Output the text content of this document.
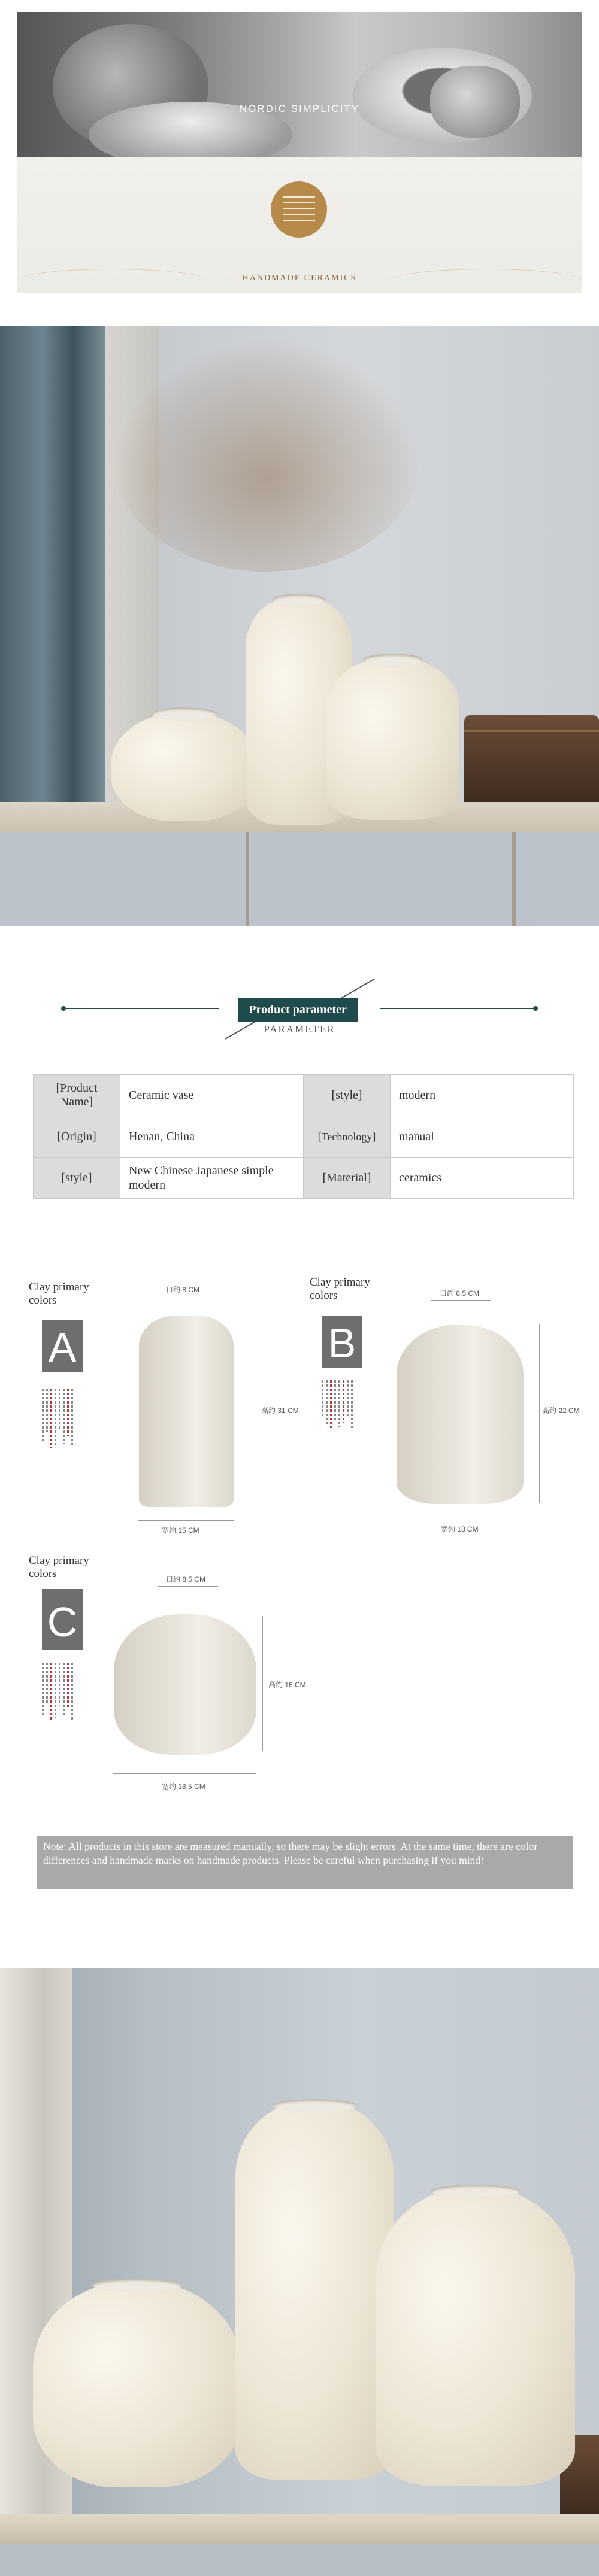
NORDIC SIMPLICITY
HANDMADE CERAMICS
Product parameter
PARAMETER
[ Product Name ]	Ceramic vase	[ style ]	modern
[ Origin ]	Henan, China	[ Technology ]	manual
[ style ]	New Chinese Japanese simple modern	[ Material ]	ceramics
Clay primary colors
A
口约 8 CM
高约 31 CM
宽约 15 CM
Clay primary colors
B
口约 8.5 CM
高约 22 CM
宽约 18 CM
Clay primary colors
C
口约 8.5 CM
高约 16 CM
宽约 18.5 CM
Note: All products in this store are measured manually, so there may be slight errors. At the same time, there are color differences and handmade marks on handmade products. Please be careful when purchasing if you mind!
